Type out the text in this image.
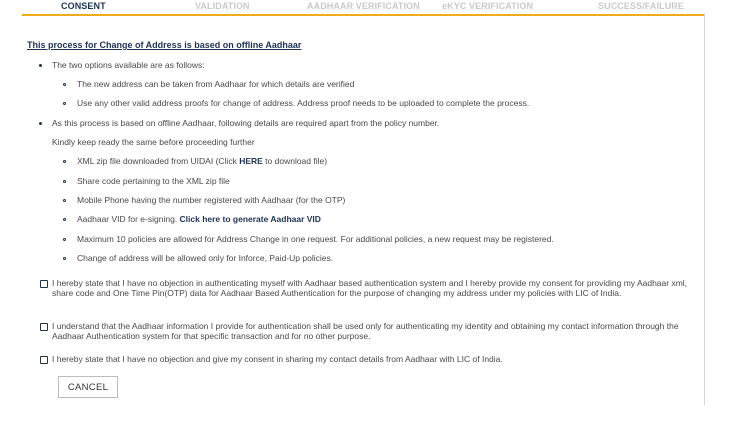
CONSENT	VALIDATION	AADHAAR VERIFICATION eKYC VERIFICATION	SUCCESS/FAILURE
This process for Change of Address is based on offline Aadhaar
The two options available are as follows:
The new address can be taken from Aadhaar for which details are verified
Use any other valid address proofs for change of address. Address proof needs to be uploaded to complete the process.
As this process is based on offline Aadhaar, following details are required apart from the policy number.
Kindly keep ready the same before proceeding further
XML zip file downloaded from UIDAI (Click HERE to download file)
Share code pertaining to the XML zip file
Mobile Phone having the number registered with Aadhaar (for the OTP)
Aadhaar VID for e-signing. Click here to generate Aadhaar VID
Maximum 10 policies are allowed for Address Change in one request. For additional policies, a new request may be registered.
Change of address will be allowed only for Inforce, Paid-Up policies.
I hereby state that I have no objection in authenticating myself with Aadhaar based authentication system and I hereby provide my consent for providing my Aadhaar xml, share code and One Time Pin(OTP) data for Aadhaar Based Authentication for the purpose of changing my address under my policies with LIC of India.
I understand that the Aadhaar information I provide for authentication shall be used only for authenticating my identity and obtaining my contact information through the Aadhaar Authentication system for that specific transaction and for no other purpose.
I hereby state that I have no objection and give my consent in sharing my contact details from Aadhaar with LIC of India.
CANCEL
